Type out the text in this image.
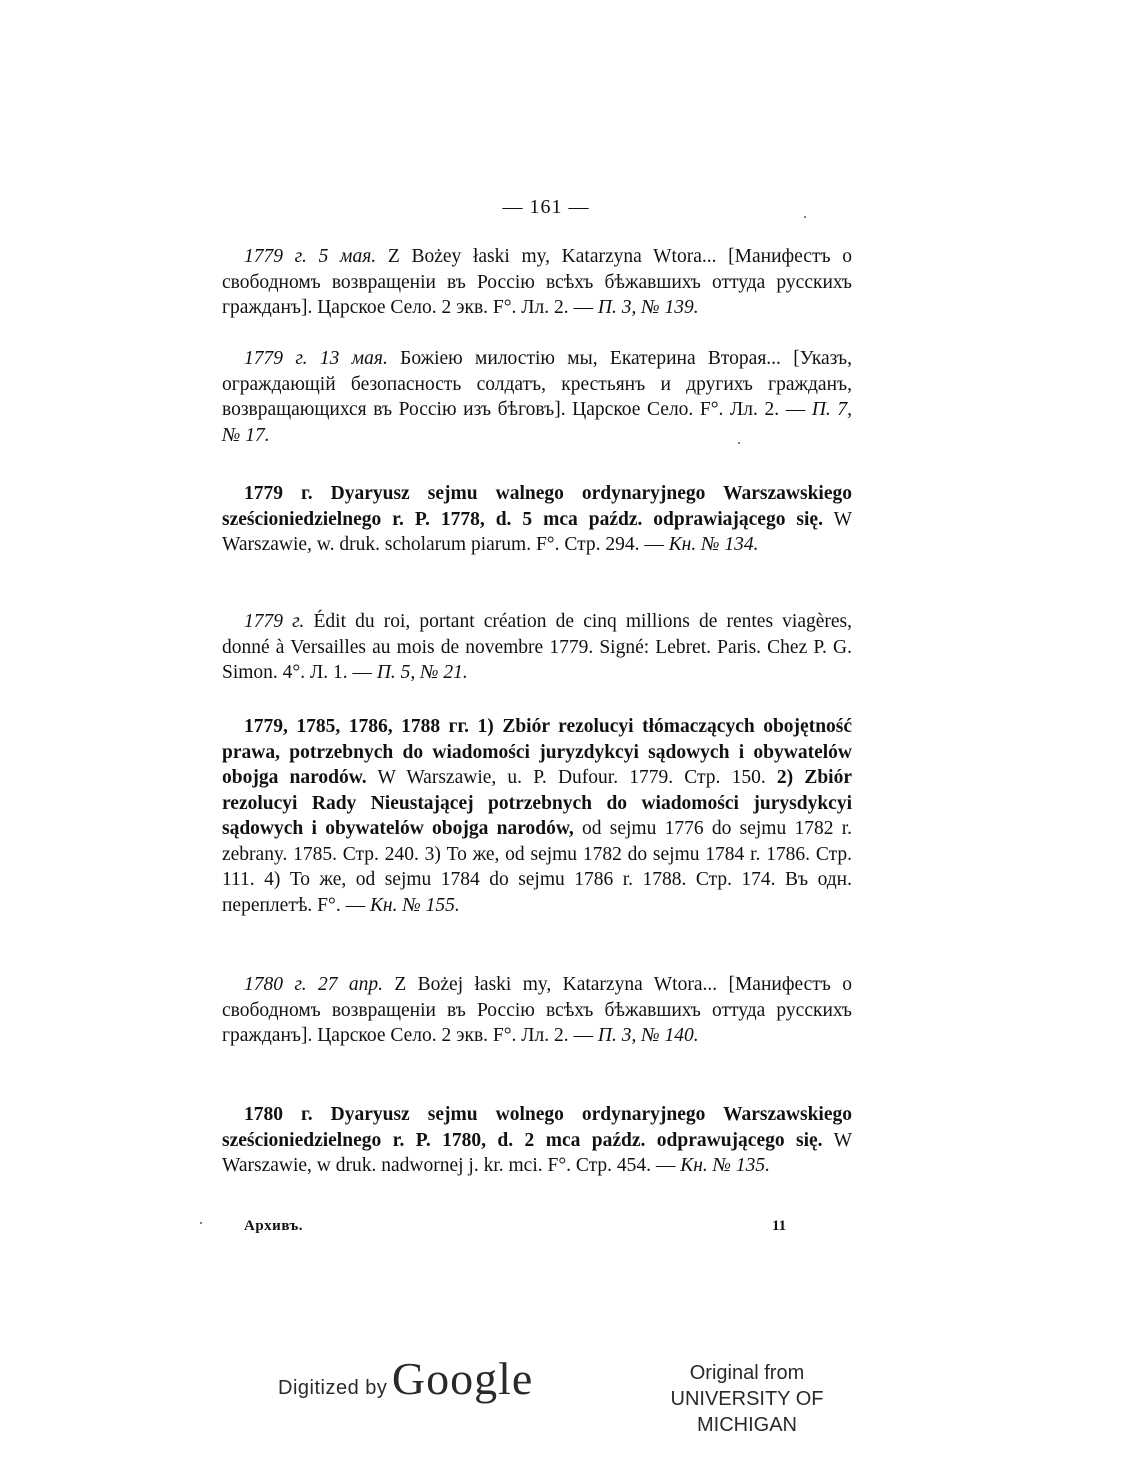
— 161 —

1779 г. 5 мая. Z Bożey łaski my, Katarzyna Wtora... [Манифестъ о свободномъ возвращеніи въ Россію всѣхъ бѣжавшихъ оттуда русскихъ гражданъ]. Царское Село. 2 экв. F°. Лл. 2. — П. 3, № 139.

1779 г. 13 мая. Божіею милостію мы, Екатерина Вторая... [Указъ, ограждающій безопасность солдатъ, крестьянъ и другихъ гражданъ, возвращающихся въ Россію изъ бѣговъ]. Царское Село. F°. Лл. 2. — П. 7, № 17.

1779 г. Dyaryusz sejmu walnego ordynaryjnego Warszawskiego sześcioniedzielnego r. P. 1778, d. 5 mca paźdz. odprawiającego się. W Warszawie, w. druk. scholarum piarum. F°. Стр. 294. — Кн. № 134.

1779 г. Édit du roi, portant création de cinq millions de rentes viagères, donné à Versailles au mois de novembre 1779. Signé: Lebret. Paris. Chez P. G. Simon. 4°. Л. 1. — П. 5, № 21.

1779, 1785, 1786, 1788 гг. 1) Zbiór rezolucyi tłómaczących obojętność prawa, potrzebnych do wiadomości juryzdykcyi sądowych i obywatelów obojga narodów. W Warszawie, u. P. Dufour. 1779. Стр. 150. 2) Zbiór rezolucyi Rady Nieustającej potrzebnych do wiadomości jurysdykcyi sądowych i obywatelów obojga narodów, od sejmu 1776 do sejmu 1782 r. zebrany. 1785. Стр. 240. 3) То же, od sejmu 1782 do sejmu 1784 r. 1786. Стр. 111. 4) То же, od sejmu 1784 do sejmu 1786 r. 1788. Стр. 174. Въ одн. переплетѣ. F°. — Кн. № 155.

1780 г. 27 апр. Z Bożej łaski my, Katarzyna Wtora... [Манифестъ о свободномъ возвращеніи въ Россію всѣхъ бѣжавшихъ оттуда русскихъ гражданъ]. Царское Село. 2 экв. F°. Лл. 2. — П. 3, № 140.

1780 г. Dyaryusz sejmu wolnego ordynaryjnego Warszawskiego sześcioniedzielnego r. P. 1780, d. 2 mca paźdz. odprawującego się. W Warszawie, w druk. nadwornej j. kr. mci. F°. Стр. 454. — Кн. № 135.

Архивъ.	11
Digitized by Google	Original from
UNIVERSITY OF MICHIGAN
